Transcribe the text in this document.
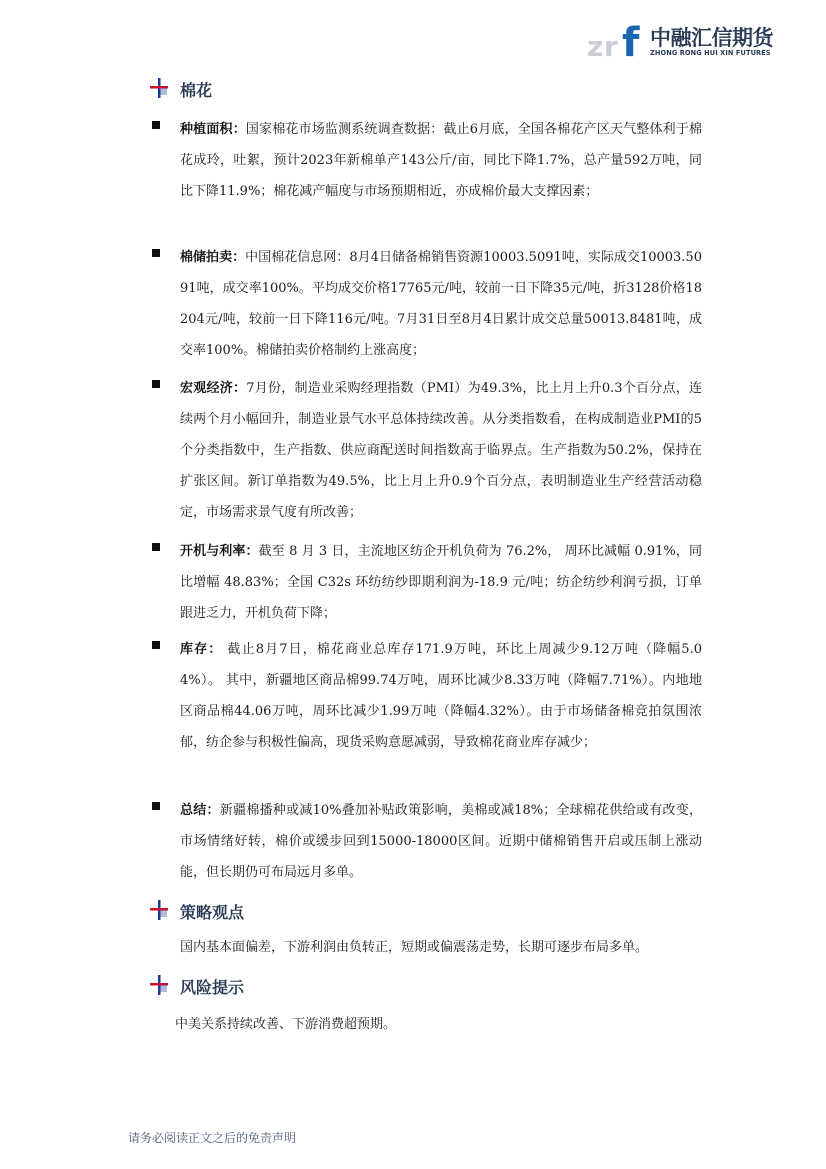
z r f 中融汇信期货
ZHONG RONG HUI XIN FUTURES
棉花
种植面积：国家棉花市场监测系统调查数据：截止6月底，全国各棉花产区天气整体利于棉花成玲，吐絮，预计2023年新棉单产143公斤/亩，同比下降1.7%，总产量592万吨，同比下降11.9%；棉花减产幅度与市场预期相近，亦成棉价最大支撑因素；
棉储拍卖：中国棉花信息网：8月4日储备棉销售资源10003.5091吨，实际成交10003.5091吨，成交率100%。平均成交价格17765元/吨，较前一日下降35元/吨，折3128价格18204元/吨，较前一日下降116元/吨。7月31日至8月4日累计成交总量50013.8481吨，成交率100%。棉储拍卖价格制约上涨高度；
宏观经济：7月份，制造业采购经理指数（PMI）为49.3%，比上月上升0.3个百分点，连续两个月小幅回升，制造业景气水平总体持续改善。从分类指数看，在构成制造业PMI的5个分类指数中，生产指数、供应商配送时间指数高于临界点。生产指数为50.2%，保持在扩张区间。新订单指数为49.5%，比上月上升0.9个百分点，表明制造业生产经营活动稳定，市场需求景气度有所改善；
开机与利率：截至 8 月 3 日，主流地区纺企开机负荷为 76.2%， 周环比减幅 0.91%，同比增幅 48.83%；全国 C32s 环纺纺纱即期利润为-18.9 元/吨；纺企纺纱利润亏损，订单跟进乏力，开机负荷下降；
库存： 截止8月7日，棉花商业总库存171.9万吨，环比上周减少9.12万吨（降幅5.04%）。 其中，新疆地区商品棉99.74万吨，周环比减少8.33万吨（降幅7.71%）。内地地区商品棉44.06万吨，周环比减少1.99万吨（降幅4.32%）。由于市场储备棉竞拍氛围浓郁，纺企参与积极性偏高，现货采购意愿减弱，导致棉花商业库存减少；
总结：新疆棉播种或减10%叠加补贴政策影响，美棉或减18%；全球棉花供给或有改变，市场情绪好转，棉价或缓步回到15000-18000区间。近期中储棉销售开启或压制上涨动能，但长期仍可布局远月多单。
策略观点
国内基本面偏差，下游利润由负转正，短期或偏震荡走势，长期可逐步布局多单。
风险提示
中美关系持续改善、下游消费超预期。
请务必阅读正文之后的免责声明
